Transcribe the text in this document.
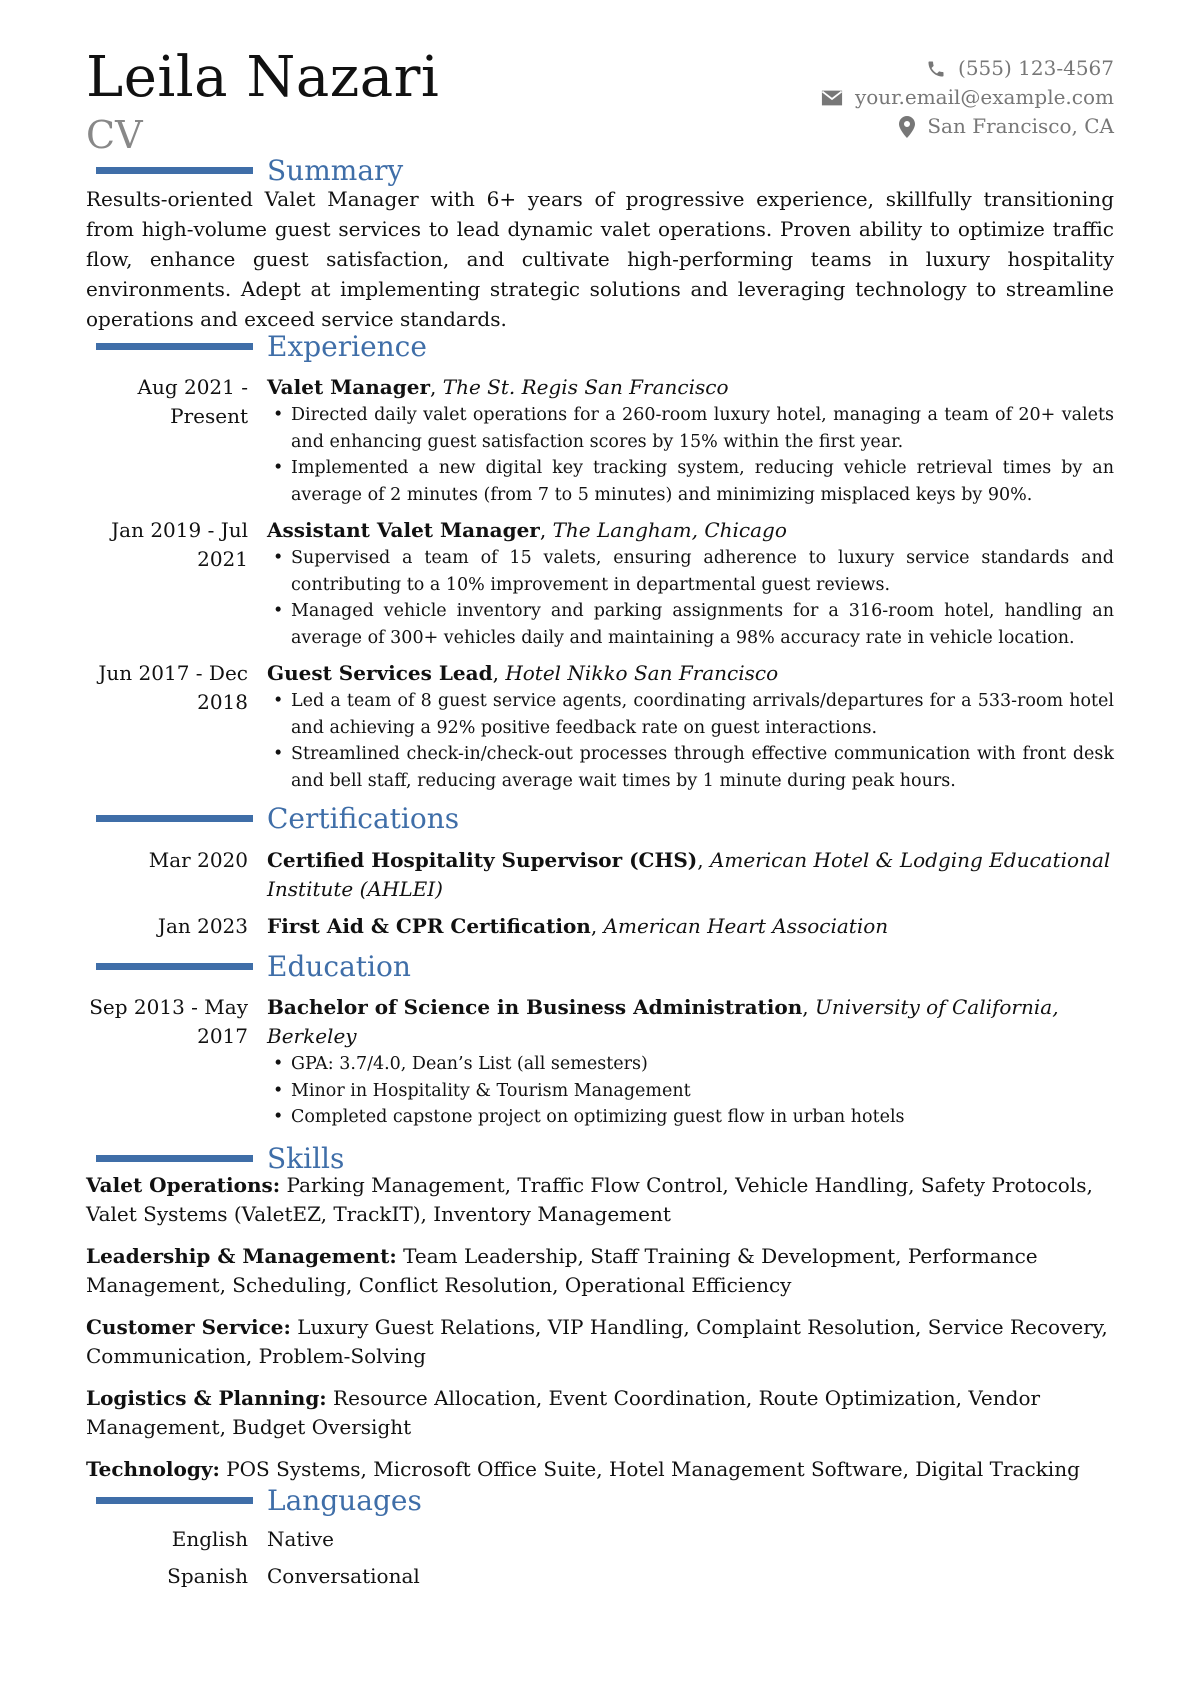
Leila Nazari
CV
(555) 123-4567
your.email@example.com
San Francisco, CA
Summary
Results-oriented Valet Manager with 6+ years of progressive experience, skillfully transitioning from high-volume guest services to lead dynamic valet operations. Proven ability to optimize traffic flow, enhance guest satisfaction, and cultivate high-performing teams in luxury hospitality environments. Adept at implementing strategic solutions and leveraging technology to streamline operations and exceed service standards.
Experience
Aug 2021 - Present
Valet Manager, The St. Regis San Francisco
• Directed daily valet operations for a 260-room luxury hotel, managing a team of 20+ valets and enhancing guest satisfaction scores by 15% within the first year.
• Implemented a new digital key tracking system, reducing vehicle retrieval times by an average of 2 minutes (from 7 to 5 minutes) and minimizing misplaced keys by 90%.
Jan 2019 - Jul 2021
Assistant Valet Manager, The Langham, Chicago
• Supervised a team of 15 valets, ensuring adherence to luxury service standards and contributing to a 10% improvement in departmental guest reviews.
• Managed vehicle inventory and parking assignments for a 316-room hotel, handling an average of 300+ vehicles daily and maintaining a 98% accuracy rate in vehicle location.
Jun 2017 - Dec 2018
Guest Services Lead, Hotel Nikko San Francisco
• Led a team of 8 guest service agents, coordinating arrivals/departures for a 533-room hotel and achieving a 92% positive feedback rate on guest interactions.
• Streamlined check-in/check-out processes through effective communication with front desk and bell staff, reducing average wait times by 1 minute during peak hours.
Certifications
Mar 2020 Certified Hospitality Supervisor (CHS), American Hotel & Lodging Educational Institute (AHLEI)
Jan 2023 First Aid & CPR Certification, American Heart Association
Education
Sep 2013 - May 2017
Bachelor of Science in Business Administration, University of California, Berkeley
• GPA: 3.7/4.0, Dean’s List (all semesters)
• Minor in Hospitality & Tourism Management
• Completed capstone project on optimizing guest flow in urban hotels
Skills
Valet Operations: Parking Management, Traffic Flow Control, Vehicle Handling, Safety Protocols, Valet Systems (ValetEZ, TrackIT), Inventory Management
Leadership & Management: Team Leadership, Staff Training & Development, Performance Management, Scheduling, Conflict Resolution, Operational Efficiency
Customer Service: Luxury Guest Relations, VIP Handling, Complaint Resolution, Service Recovery, Communication, Problem-Solving
Logistics & Planning: Resource Allocation, Event Coordination, Route Optimization, Vendor Management, Budget Oversight
Technology: POS Systems, Microsoft Office Suite, Hotel Management Software, Digital Tracking
Languages
English Native
Spanish Conversational
